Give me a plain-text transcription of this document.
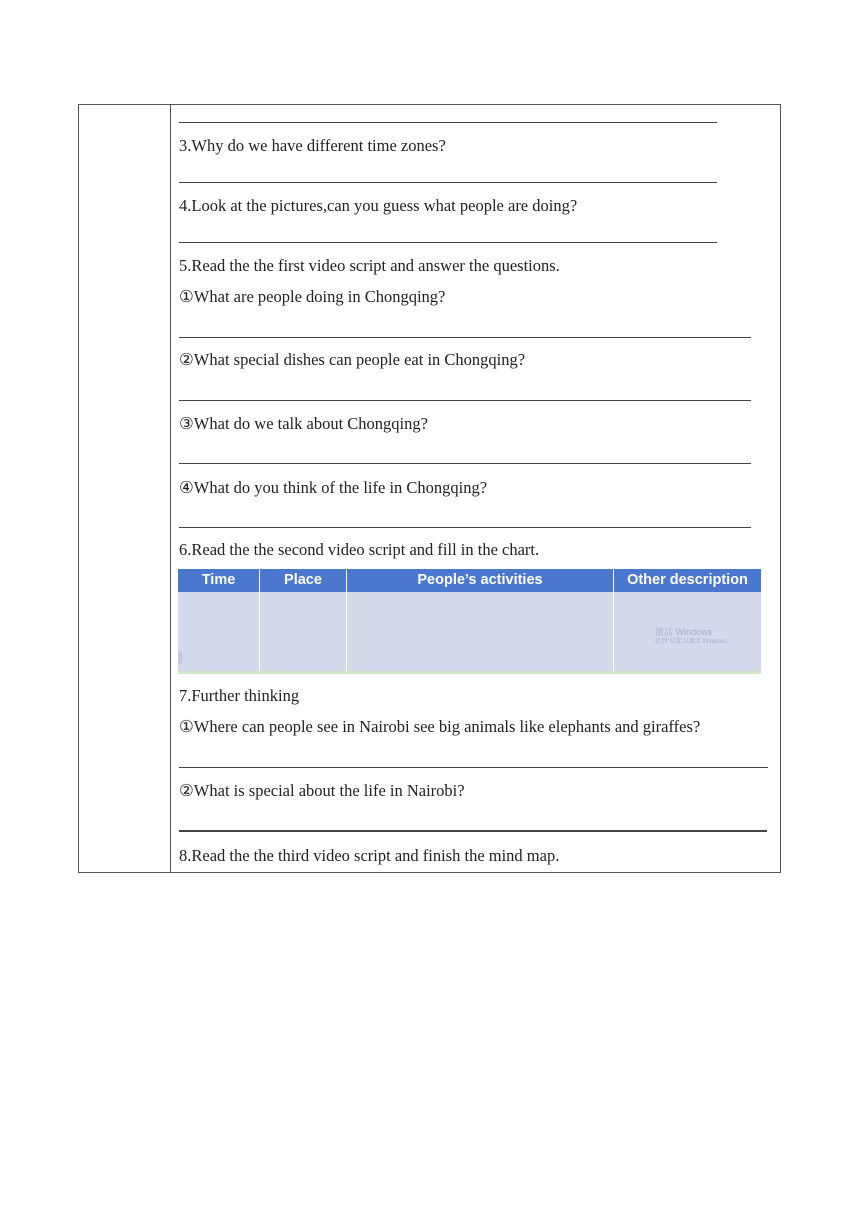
3.Why do we have different time zones?
4.Look at the pictures,can you guess what people are doing?
5.Read the the first video script and answer the questions.
①What are people doing in Chongqing?
②What special dishes can people eat in Chongqing?
③What do we talk about Chongqing?
④What do you think of the life in Chongqing?
6.Read the the second video script and fill in the chart.
Time	Place	People’s activities	Other description
激活 Windows
转到“设置”以激活 Windows。
7.Further thinking
①Where can people see in Nairobi see big animals like elephants and giraffes?
②What is special about the life in Nairobi?
8.Read the the third video script and finish the mind map.
